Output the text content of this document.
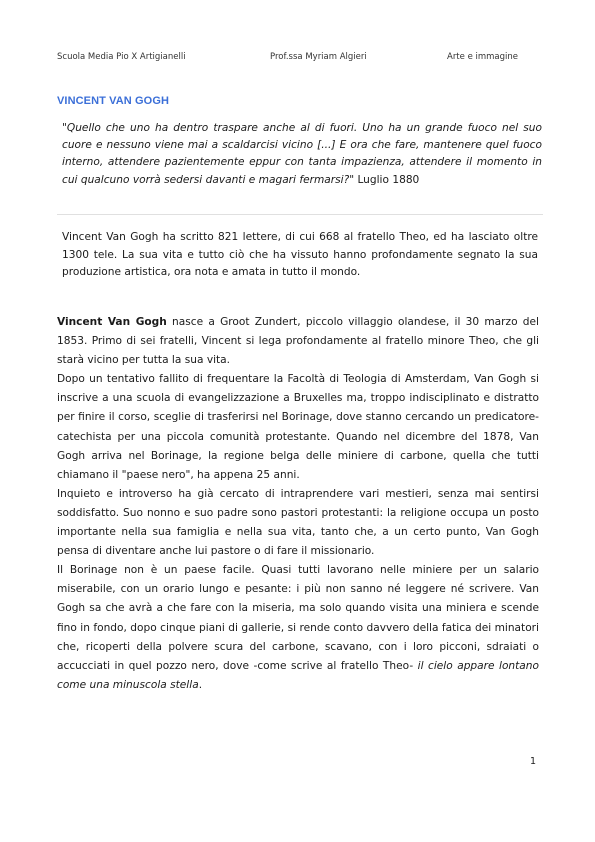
Scuola Media Pio X Artigianelli	Prof.ssa Myriam Algieri	Arte e immagine
VINCENT VAN GOGH
"Quello che uno ha dentro traspare anche al di fuori. Uno ha un grande fuoco nel suo cuore e nessuno viene mai a scaldarcisi vicino [...] E ora che fare, mantenere quel fuoco interno, attendere pazientemente eppur con tanta impazienza, attendere il momento in cui qualcuno vorrà sedersi davanti e magari fermarsi?" Luglio 1880
Vincent Van Gogh ha scritto 821 lettere, di cui 668 al fratello Theo, ed ha lasciato oltre 1300 tele. La sua vita e tutto ciò che ha vissuto hanno profondamente segnato la sua produzione artistica, ora nota e amata in tutto il mondo.

Vincent Van Gogh nasce a Groot Zundert, piccolo villaggio olandese, il 30 marzo del 1853. Primo di sei fratelli, Vincent si lega profondamente al fratello minore Theo, che gli starà vicino per tutta la sua vita.

Dopo un tentativo fallito di frequentare la Facoltà di Teologia di Amsterdam, Van Gogh si inscrive a una scuola di evangelizzazione a Bruxelles ma, troppo indisciplinato e distratto per finire il corso, sceglie di trasferirsi nel Borinage, dove stanno cercando un predicatore-catechista per una piccola comunità protestante. Quando nel dicembre del 1878, Van Gogh arriva nel Borinage, la regione belga delle miniere di carbone, quella che tutti chiamano il "paese nero", ha appena 25 anni.

Inquieto e introverso ha già cercato di intraprendere vari mestieri, senza mai sentirsi soddisfatto. Suo nonno e suo padre sono pastori protestanti: la religione occupa un posto importante nella sua famiglia e nella sua vita, tanto che, a un certo punto, Van Gogh pensa di diventare anche lui pastore o di fare il missionario.

Il Borinage non è un paese facile. Quasi tutti lavorano nelle miniere per un salario miserabile, con un orario lungo e pesante: i più non sanno né leggere né scrivere. Van Gogh sa che avrà a che fare con la miseria, ma solo quando visita una miniera e scende fino in fondo, dopo cinque piani di gallerie, si rende conto davvero della fatica dei minatori che, ricoperti della polvere scura del carbone, scavano, con i loro picconi, sdraiati o accucciati in quel pozzo nero, dove -come scrive al fratello Theo- il cielo appare lontano come una minuscola stella.

1
